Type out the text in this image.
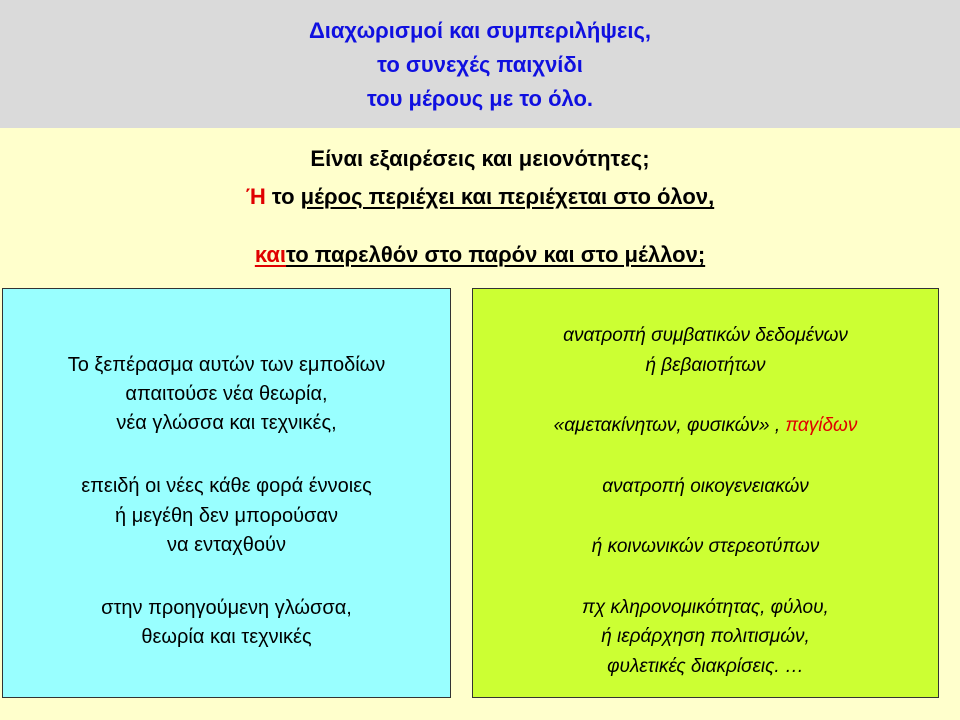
Διαχωρισμοί και συμπεριλήψεις,

το συνεχές παιχνίδι

του μέρους με το όλο.

Είναι εξαιρέσεις και μειονότητες;
Ή το μέρος περιέχει και περιέχεται στο όλον,
καιτο παρελθόν στο παρόν και στο μέλλον;
Το ξεπέρασμα αυτών των εμποδίων
απαιτούσε νέα θεωρία,
νέα γλώσσα και τεχνικές,
επειδή οι νέες κάθε φορά έννοιες
ή μεγέθη δεν μπορούσαν
να ενταχθούν
στην προηγούμενη γλώσσα,
θεωρία και τεχνικές
ανατροπή συμβατικών δεδομένων
ή βεβαιοτήτων
«αμετακίνητων, φυσικών» , παγίδων
ανατροπή οικογενειακών
ή κοινωνικών στερεοτύπων
πχ κληρονομικότητας, φύλου,
ή ιεράρχηση πολιτισμών,
φυλετικές διακρίσεις. …
